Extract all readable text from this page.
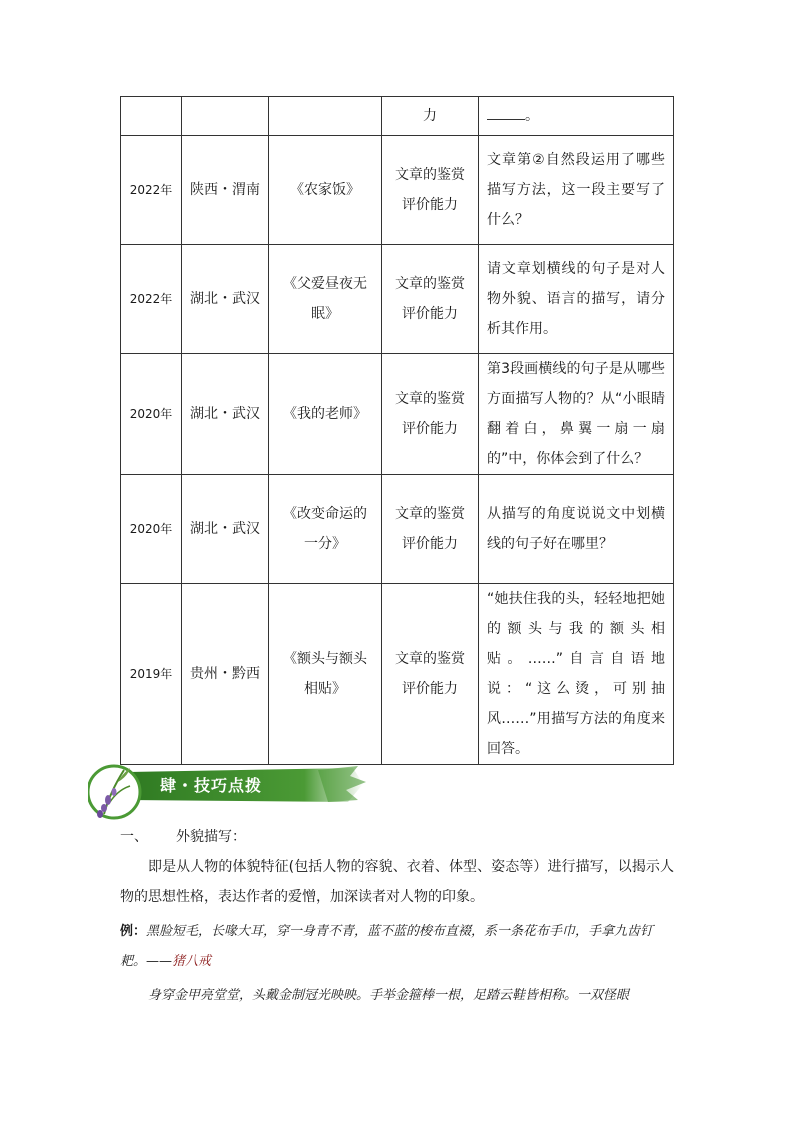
			力	。
2022年	陕西・渭南	《农家饭》	文章的鉴赏评价能力	文章第②自然段运用了哪些描写方法，这一段主要写了什么？
2022年	湖北・武汉	《父爱昼夜无眠》	文章的鉴赏评价能力	请文章划横线的句子是对人物外貌、语言的描写，请分析其作用。
2020年	湖北・武汉	《我的老师》	文章的鉴赏评价能力	第3段画横线的句子是从哪些方面描写人物的？从“小眼睛翻着白，鼻翼一扇一扇的”中，你体会到了什么？
2020年	湖北・武汉	《改变命运的一分》	文章的鉴赏评价能力	从描写的角度说说文中划横线的句子好在哪里？
2019年	贵州・黔西	《额头与额头相贴》	文章的鉴赏评价能力	“她扶住我的头，轻轻地把她的额头与我的额头相贴。……”自言自语地说：“这么烫，可别抽风……”用描写方法的角度来回答。
肆・技巧点拨
一、 外貌描写：
即是从人物的体貌特征(包括人物的容貌、衣着、体型、姿态等）进行描写，以揭示人物的思想性格，表达作者的爱憎，加深读者对人物的印象。
例：黑脸短毛，长喙大耳，穿一身青不青，蓝不蓝的梭布直裰，系一条花布手巾，手拿九齿钉耙。——猪八戒
身穿金甲亮堂堂，头戴金制冠光映映。手举金箍棒一根，足踏云鞋皆相称。一双怪眼
